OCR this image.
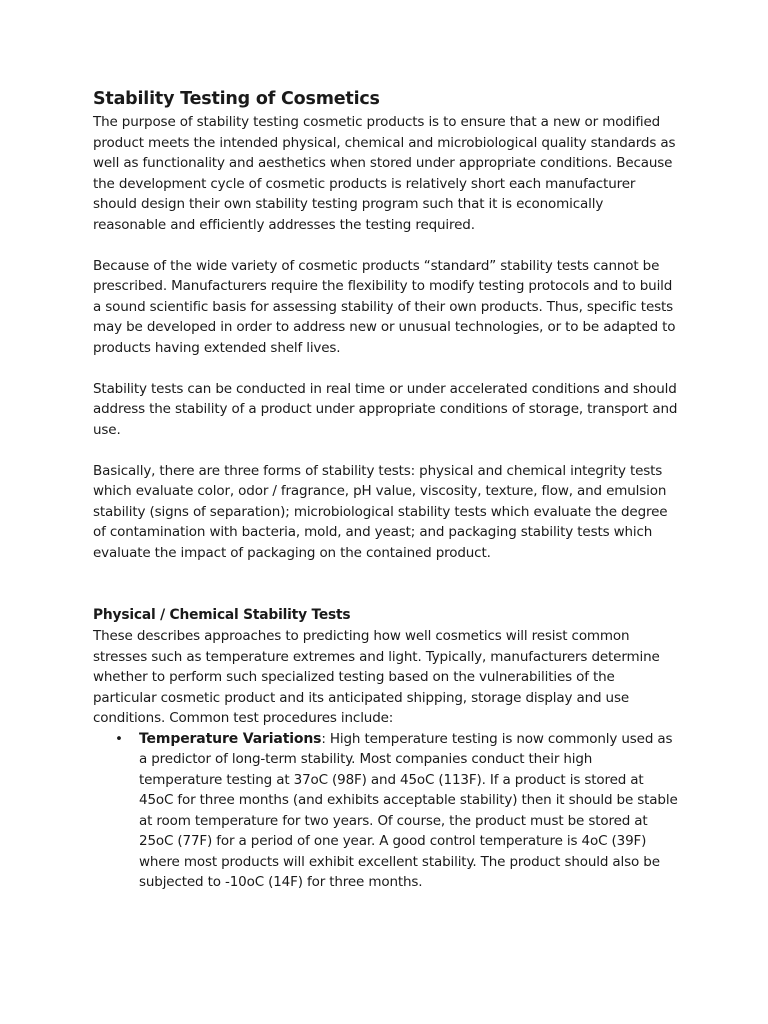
Stability Testing of Cosmetics

The purpose of stability testing cosmetic products is to ensure that a new or modified product meets the intended physical, chemical and microbiological quality standards as well as functionality and aesthetics when stored under appropriate conditions. Because the development cycle of cosmetic products is relatively short each manufacturer should design their own stability testing program such that it is economically reasonable and efficiently addresses the testing required.

Because of the wide variety of cosmetic products “standard” stability tests cannot be prescribed. Manufacturers require the flexibility to modify testing protocols and to build a sound scientific basis for assessing stability of their own products. Thus, specific tests may be developed in order to address new or unusual technologies, or to be adapted to products having extended shelf lives.

Stability tests can be conducted in real time or under accelerated conditions and should address the stability of a product under appropriate conditions of storage, transport and use.

Basically, there are three forms of stability tests: physical and chemical integrity tests which evaluate color, odor / fragrance, pH value, viscosity, texture, flow, and emulsion stability (signs of separation); microbiological stability tests which evaluate the degree of contamination with bacteria, mold, and yeast; and packaging stability tests which evaluate the impact of packaging on the contained product.

Physical / Chemical Stability Tests

These describes approaches to predicting how well cosmetics will resist common stresses such as temperature extremes and light. Typically, manufacturers determine whether to perform such specialized testing based on the vulnerabilities of the particular cosmetic product and its anticipated shipping, storage display and use conditions. Common test procedures include:

• Temperature Variations: High temperature testing is now commonly used as a predictor of long-term stability. Most companies conduct their high temperature testing at 37oC (98F) and 45oC (113F). If a product is stored at 45oC for three months (and exhibits acceptable stability) then it should be stable at room temperature for two years. Of course, the product must be stored at 25oC (77F) for a period of one year. A good control temperature is 4oC (39F) where most products will exhibit excellent stability. The product should also be subjected to -10oC (14F) for three months.
